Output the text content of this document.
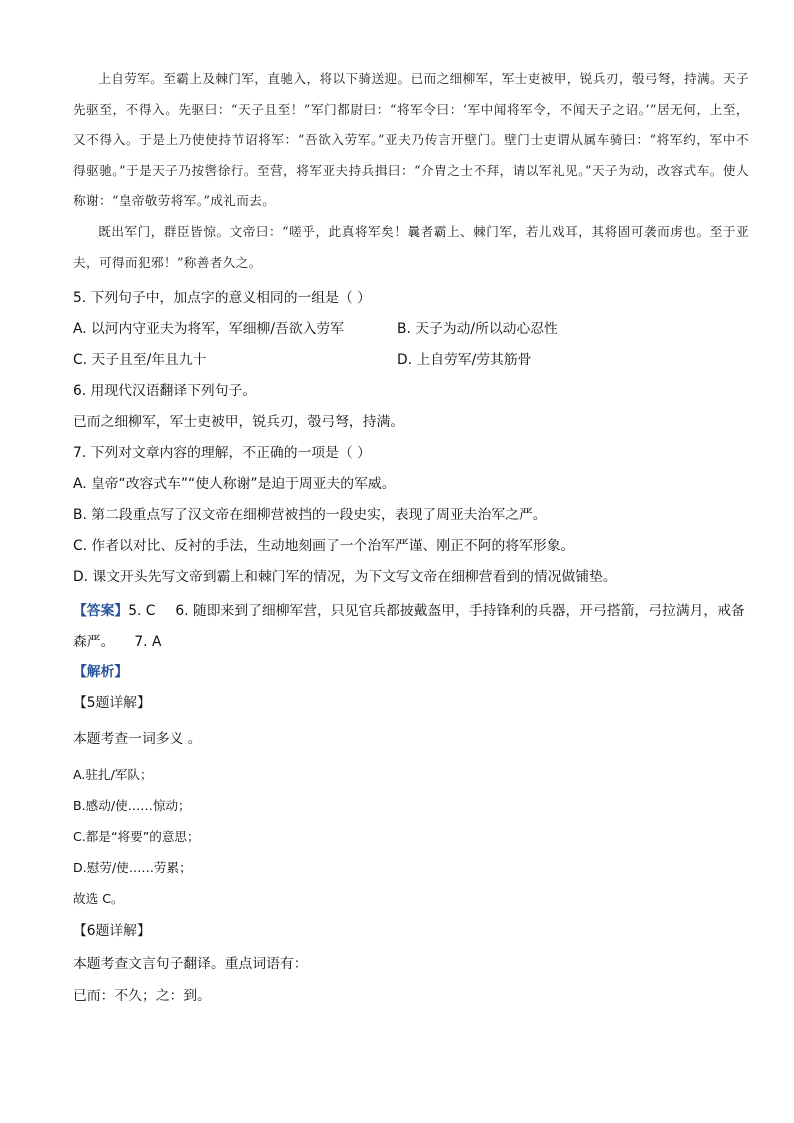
上自劳军。至霸上及棘门军，直驰入，将以下骑送迎。已而之细柳军，军士吏被甲，锐兵刃，彀弓弩，持满。天子先驱至，不得入。先驱曰：“天子且至！”军门都尉曰：“将军令曰：‘军中闻将军令，不闻天子之诏。’”居无何，上至，又不得入。于是上乃使使持节诏将军：“吾欲入劳军。”亚夫乃传言开壁门。壁门士吏谓从属车骑曰：“将军约，军中不得驱驰。”于是天子乃按辔徐行。至营，将军亚夫持兵揖曰：“介胄之士不拜，请以军礼见。”天子为动，改容式车。使人称谢：“皇帝敬劳将军。”成礼而去。

既出军门，群臣皆惊。文帝曰：“嗟乎，此真将军矣！曩者霸上、棘门军，若儿戏耳，其将固可袭而虏也。至于亚夫，可得而犯邪！”称善者久之。

5. 下列句子中，加点字的意义相同的一组是（ ）
A. 以河内守亚夫为将军，军细柳/吾欲入劳军	B. 天子为动/所以动心忍性
C. 天子且至/年且九十	D. 上自劳军/劳其筋骨
6. 用现代汉语翻译下列句子。
已而之细柳军，军士吏被甲，锐兵刃，彀弓弩，持满。
7. 下列对文章内容的理解，不正确的一项是（ ）
A. 皇帝“改容式车”“使人称谢”是迫于周亚夫的军威。
B. 第二段重点写了汉文帝在细柳营被挡的一段史实，表现了周亚夫治军之严。
C. 作者以对比、反衬的手法，生动地刻画了一个治军严谨、刚正不阿的将军形象。
D. 课文开头先写文帝到霸上和棘门军的情况，为下文写文帝在细柳营看到的情况做铺垫。
【答案】5. C 6. 随即来到了细柳军营，只见官兵都披戴盔甲，手持锋利的兵器，开弓搭箭，弓拉满月，戒备森严。 7. A
【解析】
【5题详解】
本题考查一词多义 。
A.驻扎/军队；
B.感动/使……惊动；
C.都是“将要”的意思；
D.慰劳/使……劳累；
故选 C。
【6题详解】
本题考查文言句子翻译。重点词语有：
已而：不久；之：到。
